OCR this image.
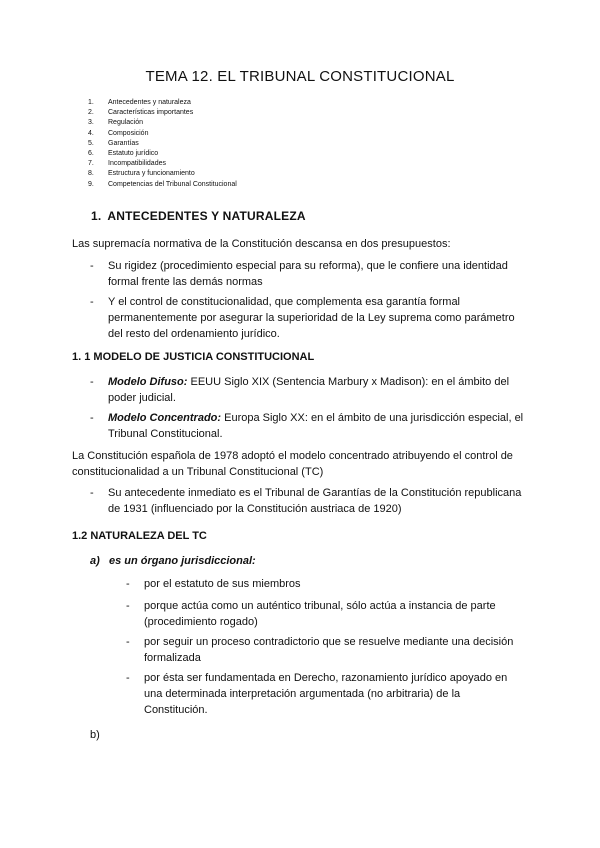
TEMA 12. EL TRIBUNAL CONSTITUCIONAL
1.	Antecedentes y naturaleza
2.	Características importantes
3.	Regulación
4.	Composición
5.	Garantías
6.	Estatuto jurídico
7.	Incompatibilidades
8.	Estructura y funcionamiento
9.	Competencias del Tribunal Constitucional
1. ANTECEDENTES Y NATURALEZA
Las supremacía normativa de la Constitución descansa en dos presupuestos:
- Su rigidez (procedimiento especial para su reforma), que le confiere una identidad
formal frente las demás normas
- Y el control de constitucionalidad, que complementa esa garantía formal
permanentemente por asegurar la superioridad de la Ley suprema como parámetro
del resto del ordenamiento jurídico.
1. 1 MODELO DE JUSTICIA CONSTITUCIONAL
- Modelo Difuso: EEUU Siglo XIX (Sentencia Marbury x Madison): en el ámbito del
poder judicial.
- Modelo Concentrado: Europa Siglo XX: en el ámbito de una jurisdicción especial, el
Tribunal Constitucional.
La Constitución española de 1978 adoptó el modelo concentrado atribuyendo el control de
constitucionalidad a un Tribunal Constitucional (TC)
- Su antecedente inmediato es el Tribunal de Garantías de la Constitución republicana
de 1931 (influenciado por la Constitución austriaca de 1920)
1.2 NATURALEZA DEL TC
a) es un órgano jurisdiccional:
- por el estatuto de sus miembros
- porque actúa como un auténtico tribunal, sólo actúa a instancia de parte
(procedimiento rogado)
- por seguir un proceso contradictorio que se resuelve mediante una decisión
formalizada
- por ésta ser fundamentada en Derecho, razonamiento jurídico apoyado en
una determinada interpretación argumentada (no arbitraria) de la
Constitución.
b)
